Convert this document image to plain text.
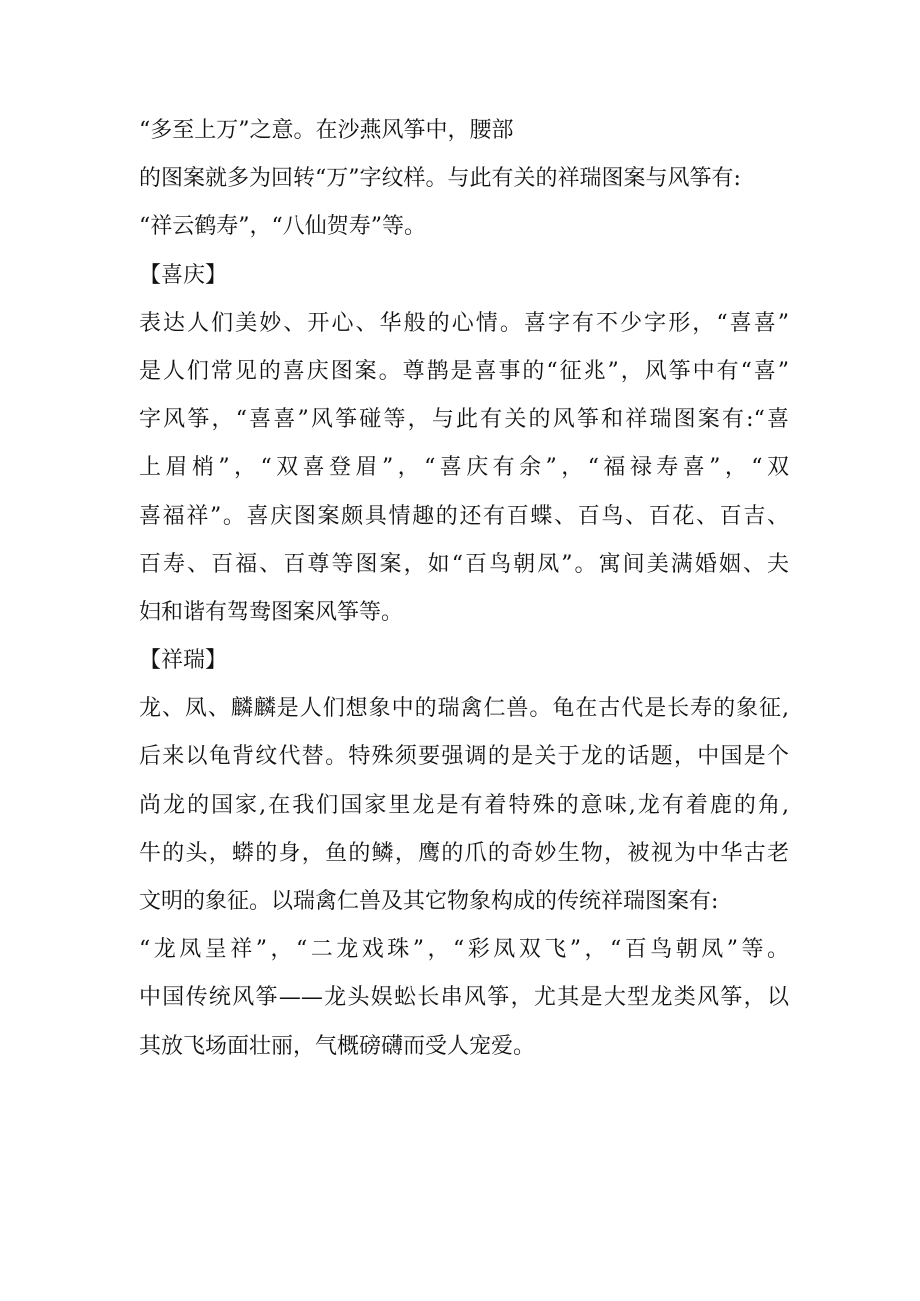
“多至上万”之意。在沙燕风筝中，腰部
的图案就多为回转“万”字纹样。与此有关的祥瑞图案与风筝有:
“祥云鹤寿”，“八仙贺寿”等。
【喜庆】
表达人们美妙、开心、华般的心情。喜字有不少字形，“喜喜”
是人们常见的喜庆图案。尊鹊是喜事的“征兆”，风筝中有“喜”
字风筝，“喜喜”风筝碰等，与此有关的风筝和祥瑞图案有:“喜
上眉梢”，“双喜登眉”，“喜庆有余”，“福禄寿喜”，“双
喜福祥”。喜庆图案颇具情趣的还有百蝶、百鸟、百花、百吉、
百寿、百福、百尊等图案，如“百鸟朝凤”。寓间美满婚姻、夫
妇和谐有驾鸯图案风筝等。
【祥瑞】
龙、凤、麟麟是人们想象中的瑞禽仁兽。龟在古代是长寿的象征,
后来以龟背纹代替。特殊须要强调的是关于龙的话题，中国是个
尚龙的国家,在我们国家里龙是有着特殊的意味,龙有着鹿的角,
牛的头，蟒的身，鱼的鳞，鹰的爪的奇妙生物，被视为中华古老
文明的象征。以瑞禽仁兽及其它物象构成的传统祥瑞图案有:
“龙凤呈祥”，“二龙戏珠”，“彩凤双飞”，“百鸟朝凤”等。
中国传统风筝——龙头娱蚣长串风筝，尤其是大型龙类风筝，以
其放飞场面壮丽，气概磅礴而受人宠爱。
